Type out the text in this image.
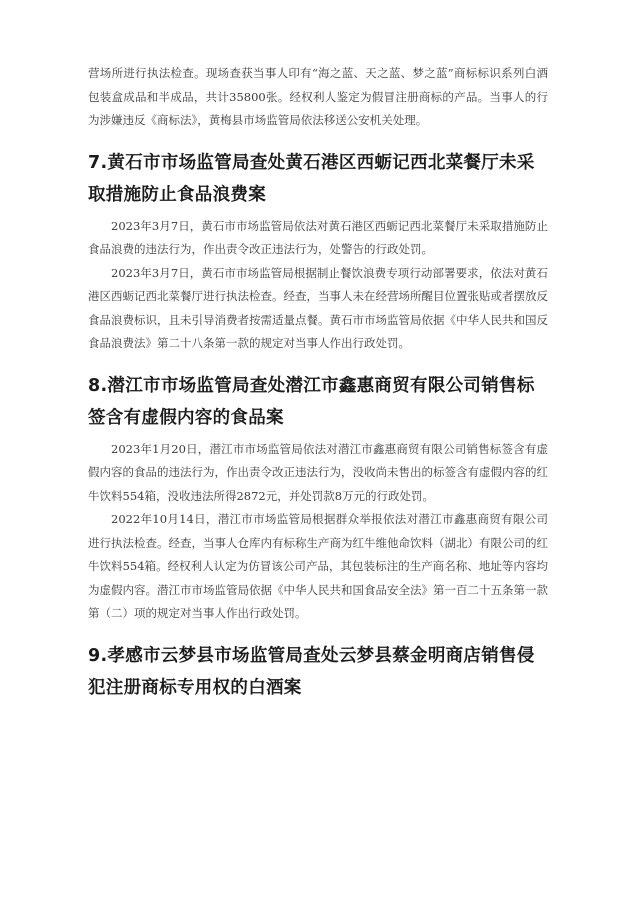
营场所进行执法检查。现场查获当事人印有“海之蓝、天之蓝、梦之蓝”商标标识系列白酒包装盒成品和半成品，共计35800张。经权利人鉴定为假冒注册商标的产品。当事人的行为涉嫌违反《商标法》，黄梅县市场监管局依法移送公安机关处理。

7.黄石市市场监管局查处黄石港区西蛎记西北菜餐厅未采取措施防止食品浪费案

2023年3月7日，黄石市市场监管局依法对黄石港区西蛎记西北菜餐厅未采取措施防止食品浪费的违法行为，作出责令改正违法行为，处警告的行政处罚。

2023年3月7日，黄石市市场监管局根据制止餐饮浪费专项行动部署要求，依法对黄石港区西蛎记西北菜餐厅进行执法检查。经查，当事人未在经营场所醒目位置张贴或者摆放反食品浪费标识，且未引导消费者按需适量点餐。黄石市市场监管局依据《中华人民共和国反食品浪费法》第二十八条第一款的规定对当事人作出行政处罚。

8.潜江市市场监管局查处潜江市鑫惠商贸有限公司销售标签含有虚假内容的食品案

2023年1月20日，潜江市市场监管局依法对潜江市鑫惠商贸有限公司销售标签含有虚假内容的食品的违法行为，作出责令改正违法行为，没收尚未售出的标签含有虚假内容的红牛饮料554箱，没收违法所得2872元，并处罚款8万元的行政处罚。

2022年10月14日，潜江市市场监管局根据群众举报依法对潜江市鑫惠商贸有限公司进行执法检查。经查，当事人仓库内有标称生产商为红牛维他命饮料（湖北）有限公司的红牛饮料554箱。经权利人认定为仿冒该公司产品，其包装标注的生产商名称、地址等内容均为虚假内容。潜江市市场监管局依据《中华人民共和国食品安全法》第一百二十五条第一款第（二）项的规定对当事人作出行政处罚。

9.孝感市云梦县市场监管局查处云梦县蔡金明商店销售侵犯注册商标专用权的白酒案
